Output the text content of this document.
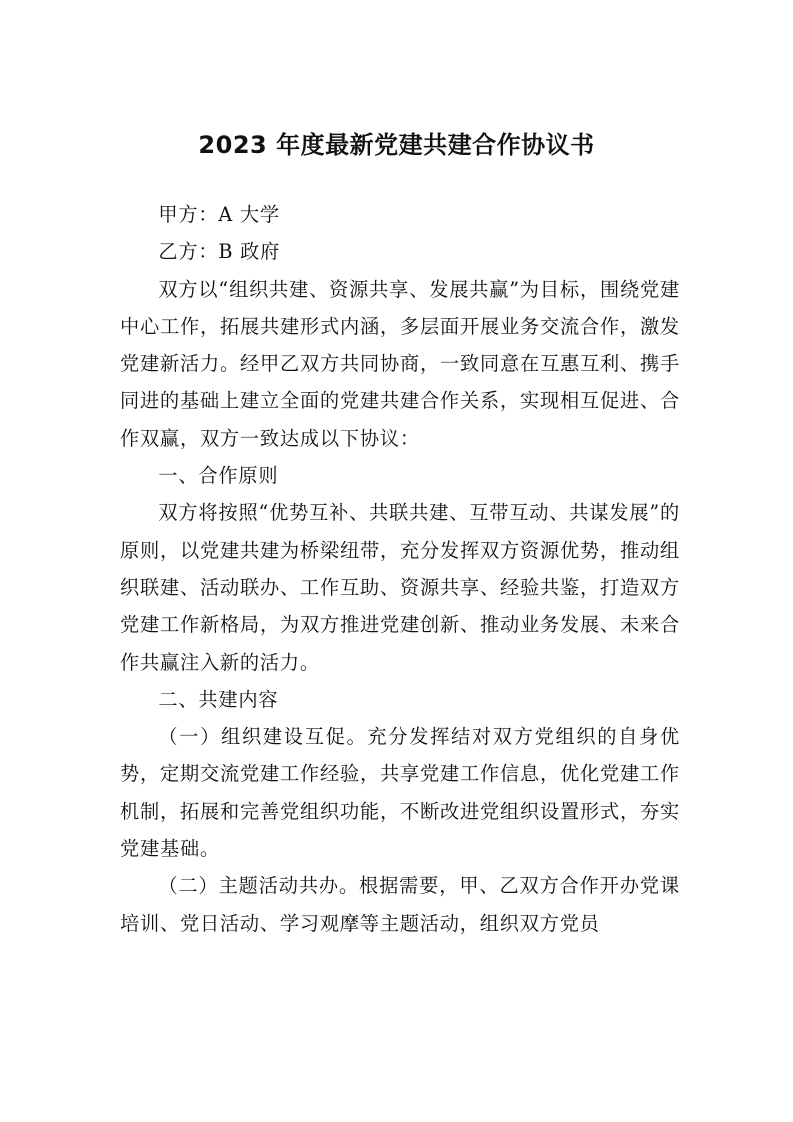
2023 年度最新党建共建合作协议书

甲方：A 大学

乙方：B 政府

双方以“组织共建、资源共享、发展共赢”为目标，围绕党建中心工作，拓展共建形式内涵，多层面开展业务交流合作，激发党建新活力。经甲乙双方共同协商，一致同意在互惠互利、携手同进的基础上建立全面的党建共建合作关系，实现相互促进、合作双赢，双方一致达成以下协议：

一、合作原则

双方将按照“优势互补、共联共建、互带互动、共谋发展”的原则，以党建共建为桥梁纽带，充分发挥双方资源优势，推动组织联建、活动联办、工作互助、资源共享、经验共鉴，打造双方党建工作新格局，为双方推进党建创新、推动业务发展、未来合作共赢注入新的活力。

二、共建内容

（一）组织建设互促。充分发挥结对双方党组织的自身优势，定期交流党建工作经验，共享党建工作信息，优化党建工作机制，拓展和完善党组织功能，不断改进党组织设置形式，夯实党建基础。

（二）主题活动共办。根据需要，甲、乙双方合作开办党课培训、党日活动、学习观摩等主题活动，组织双方党员
